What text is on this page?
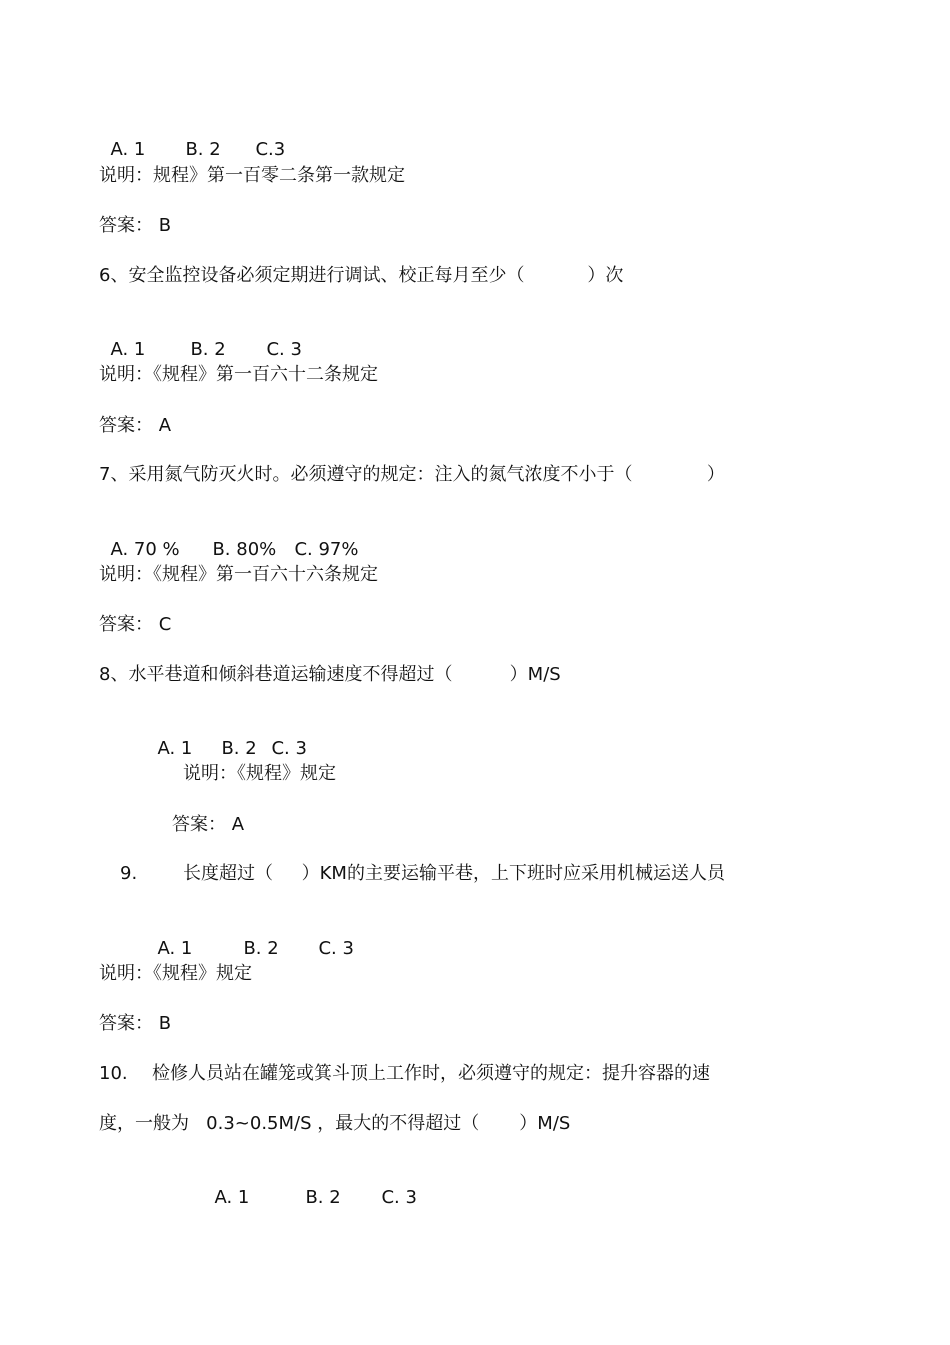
A. 1 B. 2 C.3

说明：规程》第一百零二条第一款规定
答案： B
6、安全监控设备必须定期进行调试、校正每月至少（           ）次

A. 1	B. 2 C. 3

说明：《规程》第一百六十二条规定
答案： A
7、采用氮气防灭火时。必须遵守的规定：注入的氮气浓度不小于（             ）

A. 70 % B. 80% C. 97%

说明：《规程》第一百六十六条规定
答案： C
8、水平巷道和倾斜巷道运输速度不得超过（          ）M/S

A. 1 B. 2 C. 3

说明：《规程》规定
答案： A
9.	长度超过（     ）KM的主要运输平巷，上下班时应采用机械运送人员

A. 1	B. 2 C. 3

说明：《规程》规定
答案： B
10. 检修人员站在罐笼或箕斗顶上工作时，必须遵守的规定：提升容器的速
度，一般为   0.3~0.5M/S ，最大的不得超过（       ）M/S

A. 1	B. 2 C. 3
